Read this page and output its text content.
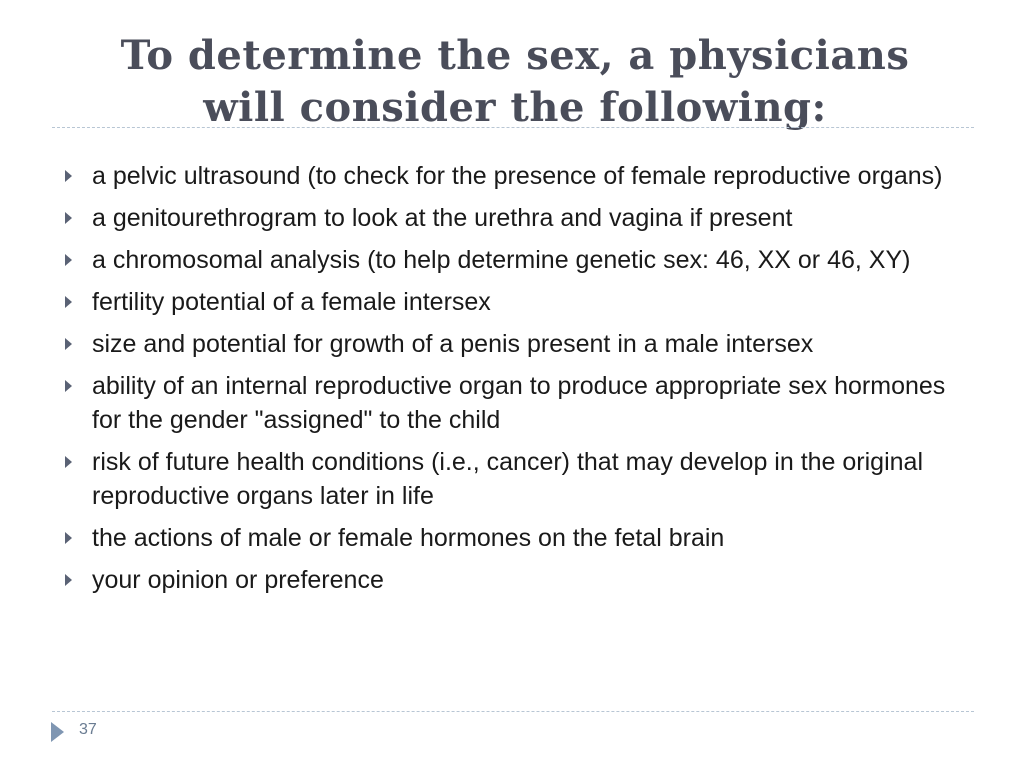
To determine the sex, a physicians
will consider the following:
a pelvic ultrasound (to check for the presence of female reproductive organs)
a genitourethrogram to look at the urethra and vagina if present
a chromosomal analysis (to help determine genetic sex: 46, XX or 46, XY)
fertility potential of a female intersex
size and potential for growth of a penis present in a male intersex
ability of an internal reproductive organ to produce appropriate sex hormones for the gender "assigned" to the child
risk of future health conditions (i.e., cancer) that may develop in the original reproductive organs later in life
the actions of male or female hormones on the fetal brain
your opinion or preference
37
